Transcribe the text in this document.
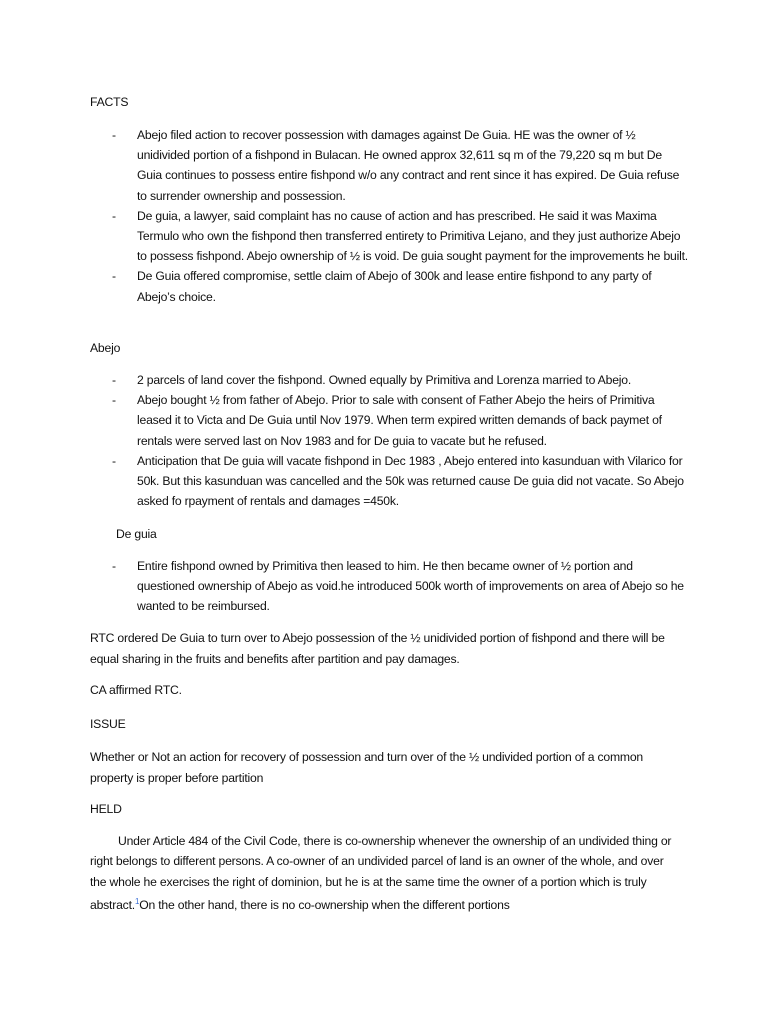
FACTS
- Abejo filed action to recover possession with damages against De Guia. HE was the owner of ½ unidivided portion of a fishpond in Bulacan. He owned approx 32,611 sq m of the 79,220 sq m but De Guia continues to possess entire fishpond w/o any contract and rent since it has expired. De Guia refuse to surrender ownership and possession.
- De guia, a lawyer, said complaint has no cause of action and has prescribed. He said it was Maxima Termulo who own the fishpond then transferred entirety to Primitiva Lejano, and they just authorize Abejo to possess fishpond. Abejo ownership of ½ is void. De guia sought payment for the improvements he built.
- De Guia offered compromise, settle claim of Abejo of 300k and lease entire fishpond to any party of Abejo’s choice.
Abejo
- 2 parcels of land cover the fishpond. Owned equally by Primitiva and Lorenza married to Abejo.
- Abejo bought ½ from father of Abejo. Prior to sale with consent of Father Abejo the heirs of Primitiva leased it to Victa and De Guia until Nov 1979. When term expired written demands of back paymet of rentals were served last on Nov 1983 and for De guia to vacate but he refused.
- Anticipation that De guia will vacate fishpond in Dec 1983 , Abejo entered into kasunduan with Vilarico for 50k. But this kasunduan was cancelled and the 50k was returned cause De guia did not vacate. So Abejo asked fo rpayment of rentals and damages =450k.
De guia
- Entire fishpond owned by Primitiva then leased to him. He then became owner of ½ portion and questioned ownership of Abejo as void.he introduced 500k worth of improvements on area of Abejo so he wanted to be reimbursed.
RTC ordered De Guia to turn over to Abejo possession of the ½ unidivided portion of fishpond and there will be equal sharing in the fruits and benefits after partition and pay damages.
CA affirmed RTC.
ISSUE
Whether or Not an action for recovery of possession and turn over of the ½ undivided portion of a common property is proper before partition
HELD
Under Article 484 of the Civil Code, there is co-ownership whenever the ownership of an undivided thing or right belongs to different persons. A co-owner of an undivided parcel of land is an owner of the whole, and over the whole he exercises the right of dominion, but he is at the same time the owner of a portion which is truly abstract.$^1$On the other hand, there is no co-ownership when the different portions
